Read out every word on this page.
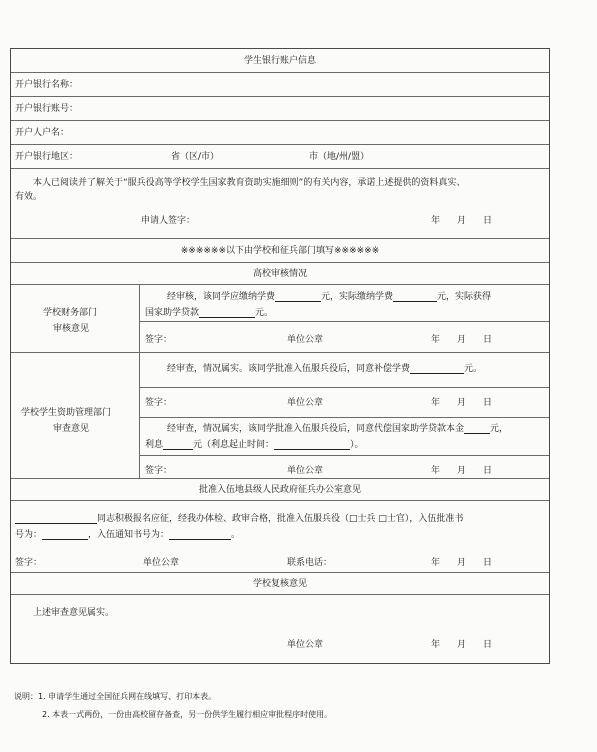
学生银行账户信息
开户银行名称：
开户银行账号：
开户人户名：
开户银行地区：	省（区/市）	市（地/州/盟）
本人已阅读并了解关于“服兵役高等学校学生国家教育资助实施细则”的有关内容，承诺上述提供的资料真实、
有效。
申请人签字：	年 月 日
※※※※※※以下由学校和征兵部门填写※※※※※※
高校审核情况
学校财务部门
审核意见
经审核，该同学应缴纳学费	元，实际缴纳学费	元，实际获得
国家助学贷款	元。
签字：	单位公章	年 月 日
学校学生资助管理部门
审查意见
经审查，情况属实。该同学批准入伍服兵役后，同意补偿学费	元。
签字：	单位公章	年 月 日
经审查，情况属实，该同学批准入伍服兵役后，同意代偿国家助学贷款本金	元，
利息	元（利息起止时间：	）。
签字：	单位公章	年 月 日
批准入伍地县级人民政府征兵办公室意见
同志积极报名应征，经我办体检、政审合格，批准入伍服兵役（□士兵 □士官），入伍批准书
号为：	，入伍通知书号为：	。
签字：	单位公章	联系电话：	年 月 日
学校复核意见
上述审查意见属实。
单位公章	年 月 日
说明：1. 申请学生通过全国征兵网在线填写、打印本表。
2. 本表一式两份，一份由高校留存备查，另一份供学生履行相应审批程序时使用。
